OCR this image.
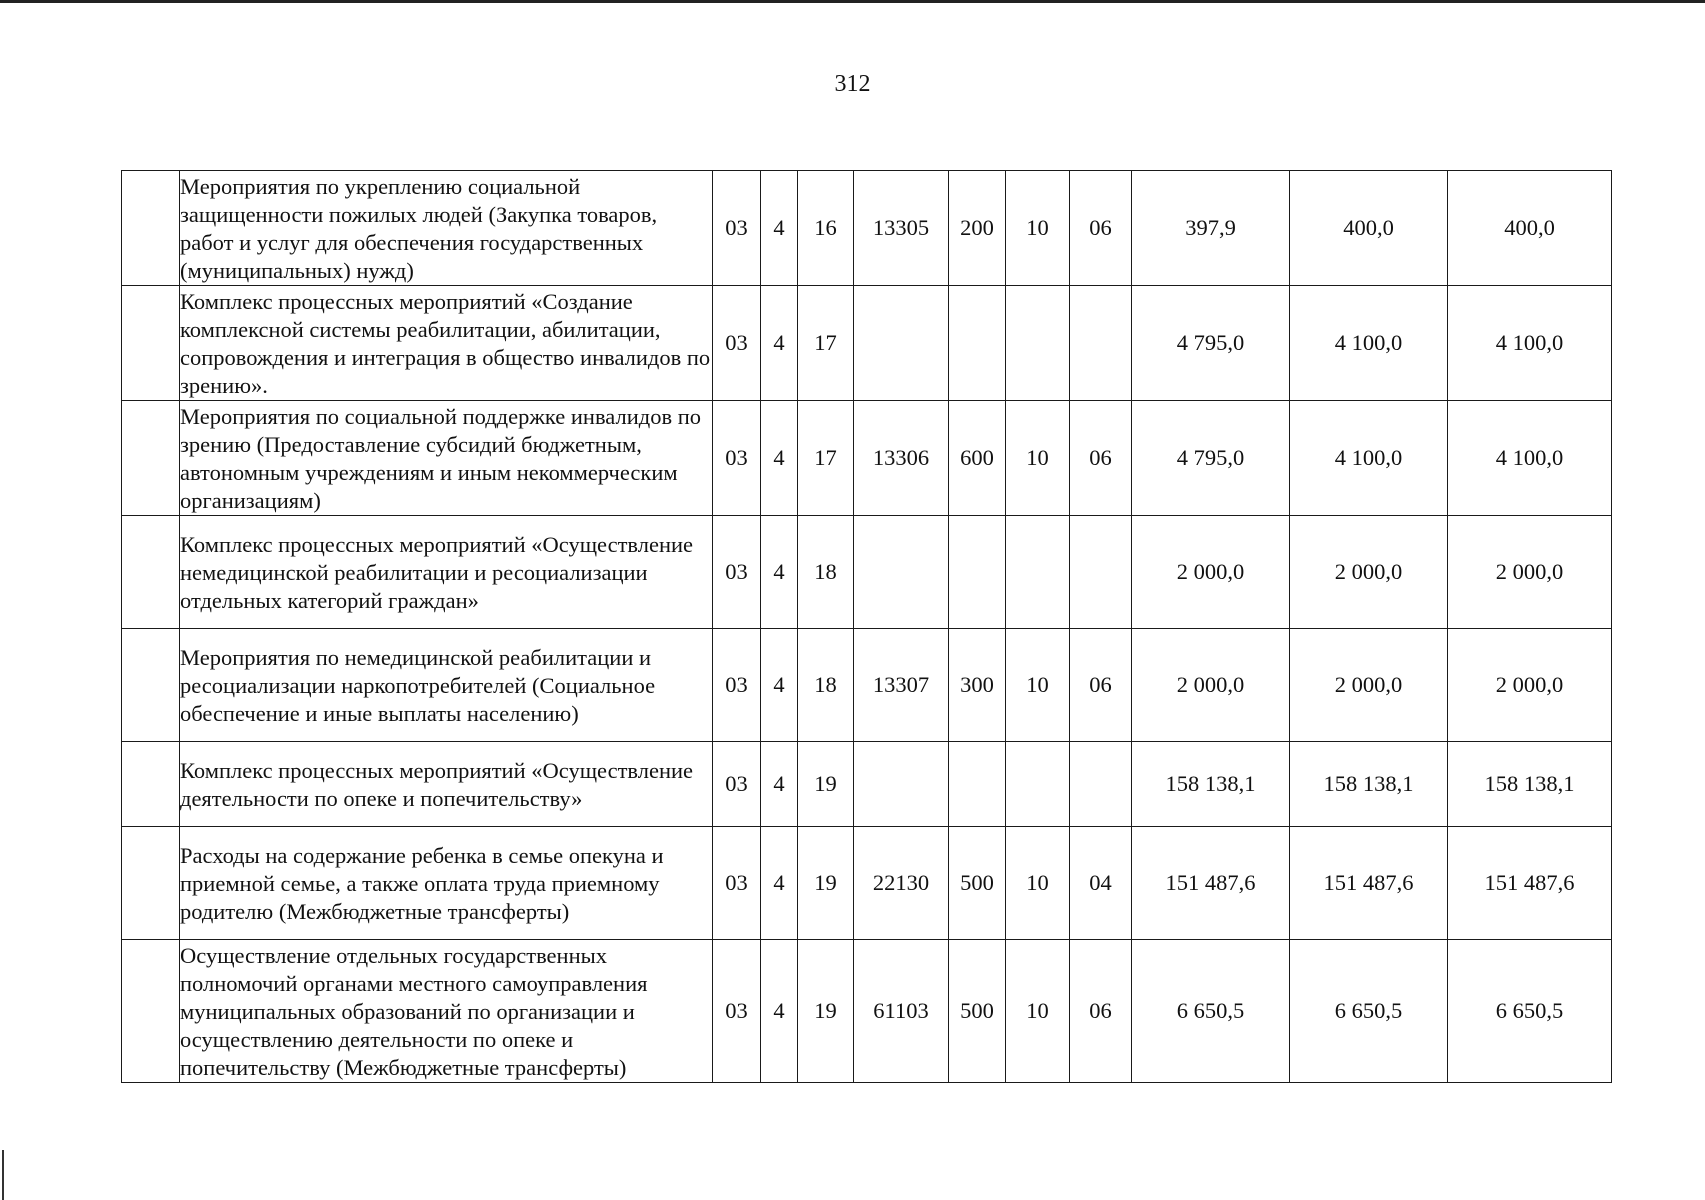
312

	Мероприятия по укреплению социальной защищенности пожилых людей (Закупка товаров, работ и услуг для обеспечения государственных (муниципальных) нужд)	03	4	16	13305	200	10	06	397,9	400,0	400,0

	Комплекс процессных мероприятий «Создание комплексной системы реабилитации, абилитации, сопровождения и интеграция в общество инвалидов по зрению».	03	4	17					4 795,0	4 100,0	4 100,0

	Мероприятия по социальной поддержке инвалидов по зрению (Предоставление субсидий бюджетным, автономным учреждениям и иным некоммерческим организациям)	03	4	17	13306	600	10	06	4 795,0	4 100,0	4 100,0

	Комплекс процессных мероприятий «Осуществление немедицинской реабилитации и ресоциализации отдельных категорий граждан»	03	4	18					2 000,0	2 000,0	2 000,0

	Мероприятия по немедицинской реабилитации и ресоциализации наркопотребителей (Социальное обеспечение и иные выплаты населению)	03	4	18	13307	300	10	06	2 000,0	2 000,0	2 000,0

	Комплекс процессных мероприятий «Осуществление деятельности по опеке и попечительству»	03	4	19					158 138,1	158 138,1	158 138,1

	Расходы на содержание ребенка в семье опекуна и приемной семье, а также оплата труда приемному родителю (Межбюджетные трансферты)	03	4	19	22130	500	10	04	151 487,6	151 487,6	151 487,6

	Осуществление отдельных государственных полномочий органами местного самоуправления муниципальных образований по организации и осуществлению деятельности по опеке и попечительству (Межбюджетные трансферты)	03	4	19	61103	500	10	06	6 650,5	6 650,5	6 650,5
